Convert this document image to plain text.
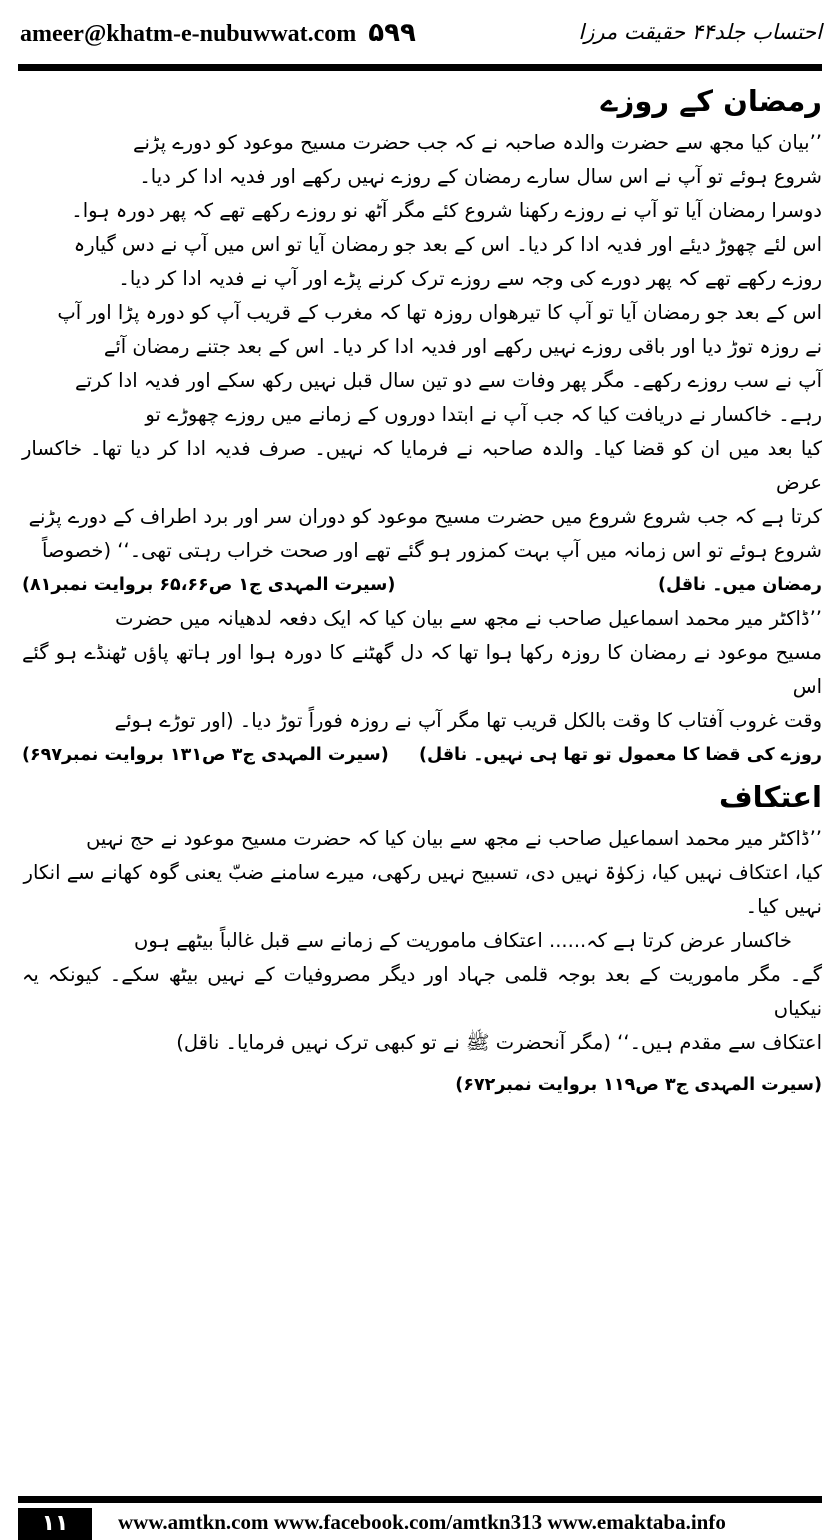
ameer@khatm-e-nubuwwat.com ۵۹۹	احتساب جلد۴۴ حقیقت مرزا
رمضان کے روزے
’’بیان کیا مجھ سے حضرت والدہ صاحبہ نے کہ جب حضرت مسیح موعود کو دورے پڑنے
شروع ہوئے تو آپ نے اس سال سارے رمضان کے روزے نہیں رکھے اور فدیہ ادا کر دیا۔
دوسرا رمضان آیا تو آپ نے روزے رکھنا شروع کئے مگر آٹھ نو روزے رکھے تھے کہ پھر دورہ ہوا۔
اس لئے چھوڑ دیئے اور فدیہ ادا کر دیا۔ اس کے بعد جو رمضان آیا تو اس میں آپ نے دس گیارہ
روزے رکھے تھے کہ پھر دورے کی وجہ سے روزے ترک کرنے پڑے اور آپ نے فدیہ ادا کر دیا۔
اس کے بعد جو رمضان آیا تو آپ کا تیرھواں روزہ تھا کہ مغرب کے قریب آپ کو دورہ پڑا اور آپ
نے روزہ توڑ دیا اور باقی روزے نہیں رکھے اور فدیہ ادا کر دیا۔ اس کے بعد جتنے رمضان آئے
آپ نے سب روزے رکھے۔ مگر پھر وفات سے دو تین سال قبل نہیں رکھ سکے اور فدیہ ادا کرتے
رہے۔ خاکسار نے دریافت کیا کہ جب آپ نے ابتدا دوروں کے زمانے میں روزے چھوڑے تو
کیا بعد میں ان کو قضا کیا۔ والدہ صاحبہ نے فرمایا کہ نہیں۔ صرف فدیہ ادا کر دیا تھا۔ خاکسار عرض
کرتا ہے کہ جب شروع شروع میں حضرت مسیح موعود کو دوران سر اور برد اطراف کے دورے پڑنے
شروع ہوئے تو اس زمانہ میں آپ بہت کمزور ہو گئے تھے اور صحت خراب رہتی تھی۔‘‘ (خصوصاً
رمضان میں۔ ناقل)
(سیرت المہدی ج۱ ص۶۵،۶۶ بروایت نمبر۸۱)
’’ڈاکٹر میر محمد اسماعیل صاحب نے مجھ سے بیان کیا کہ ایک دفعہ لدھیانہ میں حضرت
مسیح موعود نے رمضان کا روزہ رکھا ہوا تھا کہ دل گھٹنے کا دورہ ہوا اور ہاتھ پاؤں ٹھنڈے ہو گئے اس
وقت غروب آفتاب کا وقت بالکل قریب تھا مگر آپ نے روزہ فوراً توڑ دیا۔ (اور توڑے ہوئے
روزے کی قضا کا معمول تو تھا ہی نہیں۔ ناقل)
(سیرت المہدی ج۳ ص۱۳۱ بروایت نمبر۶۹۷)
اعتکاف
’’ڈاکٹر میر محمد اسماعیل صاحب نے مجھ سے بیان کیا کہ حضرت مسیح موعود نے حج نہیں
کیا، اعتکاف نہیں کیا، زکوٰۃ نہیں دی، تسبیح نہیں رکھی، میرے سامنے ضبّ یعنی گوہ کھانے سے انکار
نہیں کیا۔
خاکسار عرض کرتا ہے کہ...... اعتکاف ماموریت کے زمانے سے قبل غالباً بیٹھے ہوں
گے۔ مگر ماموریت کے بعد بوجہ قلمی جہاد اور دیگر مصروفیات کے نہیں بیٹھ سکے۔ کیونکہ یہ نیکیاں
اعتکاف سے مقدم ہیں۔‘‘ (مگر آنحضرت ﷺ نے تو کبھی ترک نہیں فرمایا۔ ناقل)
(سیرت المہدی ج۳ ص۱۱۹ بروایت نمبر۶۷۲)
۱۱	www.amtkn.com www.facebook.com/amtkn313 www.emaktaba.info
